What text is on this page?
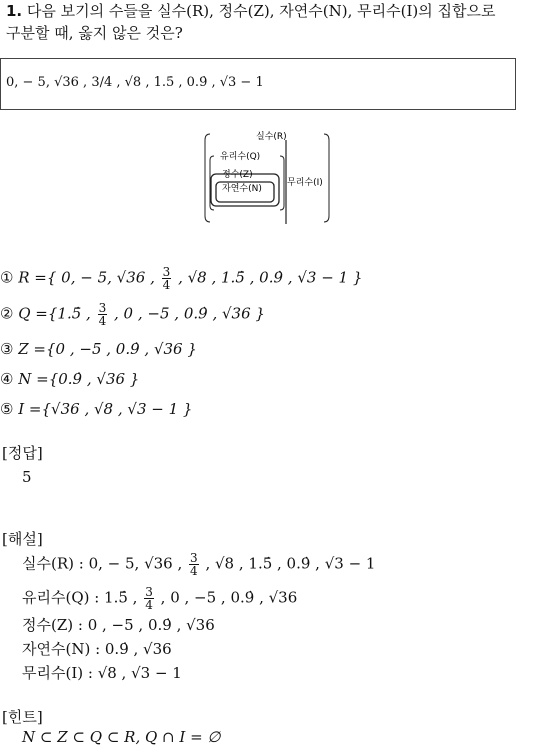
1. 다음 보기의 수들을 실수(R), 정수(Z), 자연수(N), 무리수(I)의 집합으로
구분할 때, 옳지 않은 것은?
0, − 5, √36 , 3/4 , √8 , 1.5̇ , 0.9̇ , √3 − 1
실수(R)
유리수(Q)
정수(Z)
자연수(N)
무리수(I)
① R ={ 0, − 5, √36 , $\frac{3}{4}$ , √8 , 1.5̇ , 0.9̇ , √3 − 1 }
② Q ={1.5̇ , $\frac{3}{4}$ , 0 , −5 , 0.9̇ , √36 }
③ Z ={0 , −5 , 0.9̇ , √36 }
④ N ={0.9̇ , √36 }
⑤ I ={√36 , √8 , √3 − 1 }
[정답]
5
[해설]
실수(R) : 0, − 5, √36 , $\frac{3}{4}$ , √8 , 1.5̇ , 0.9̇ , √3 − 1
유리수(Q) : 1.5̇ , $\frac{3}{4}$ , 0 , −5 , 0.9̇ , √36
정수(Z) : 0 , −5 , 0.9̇ , √36
자연수(N) : 0.9̇ , √36
무리수(I) : √8 , √3 − 1
[힌트]
N ⊂ Z ⊂ Q ⊂ R, Q ∩ I = ∅
